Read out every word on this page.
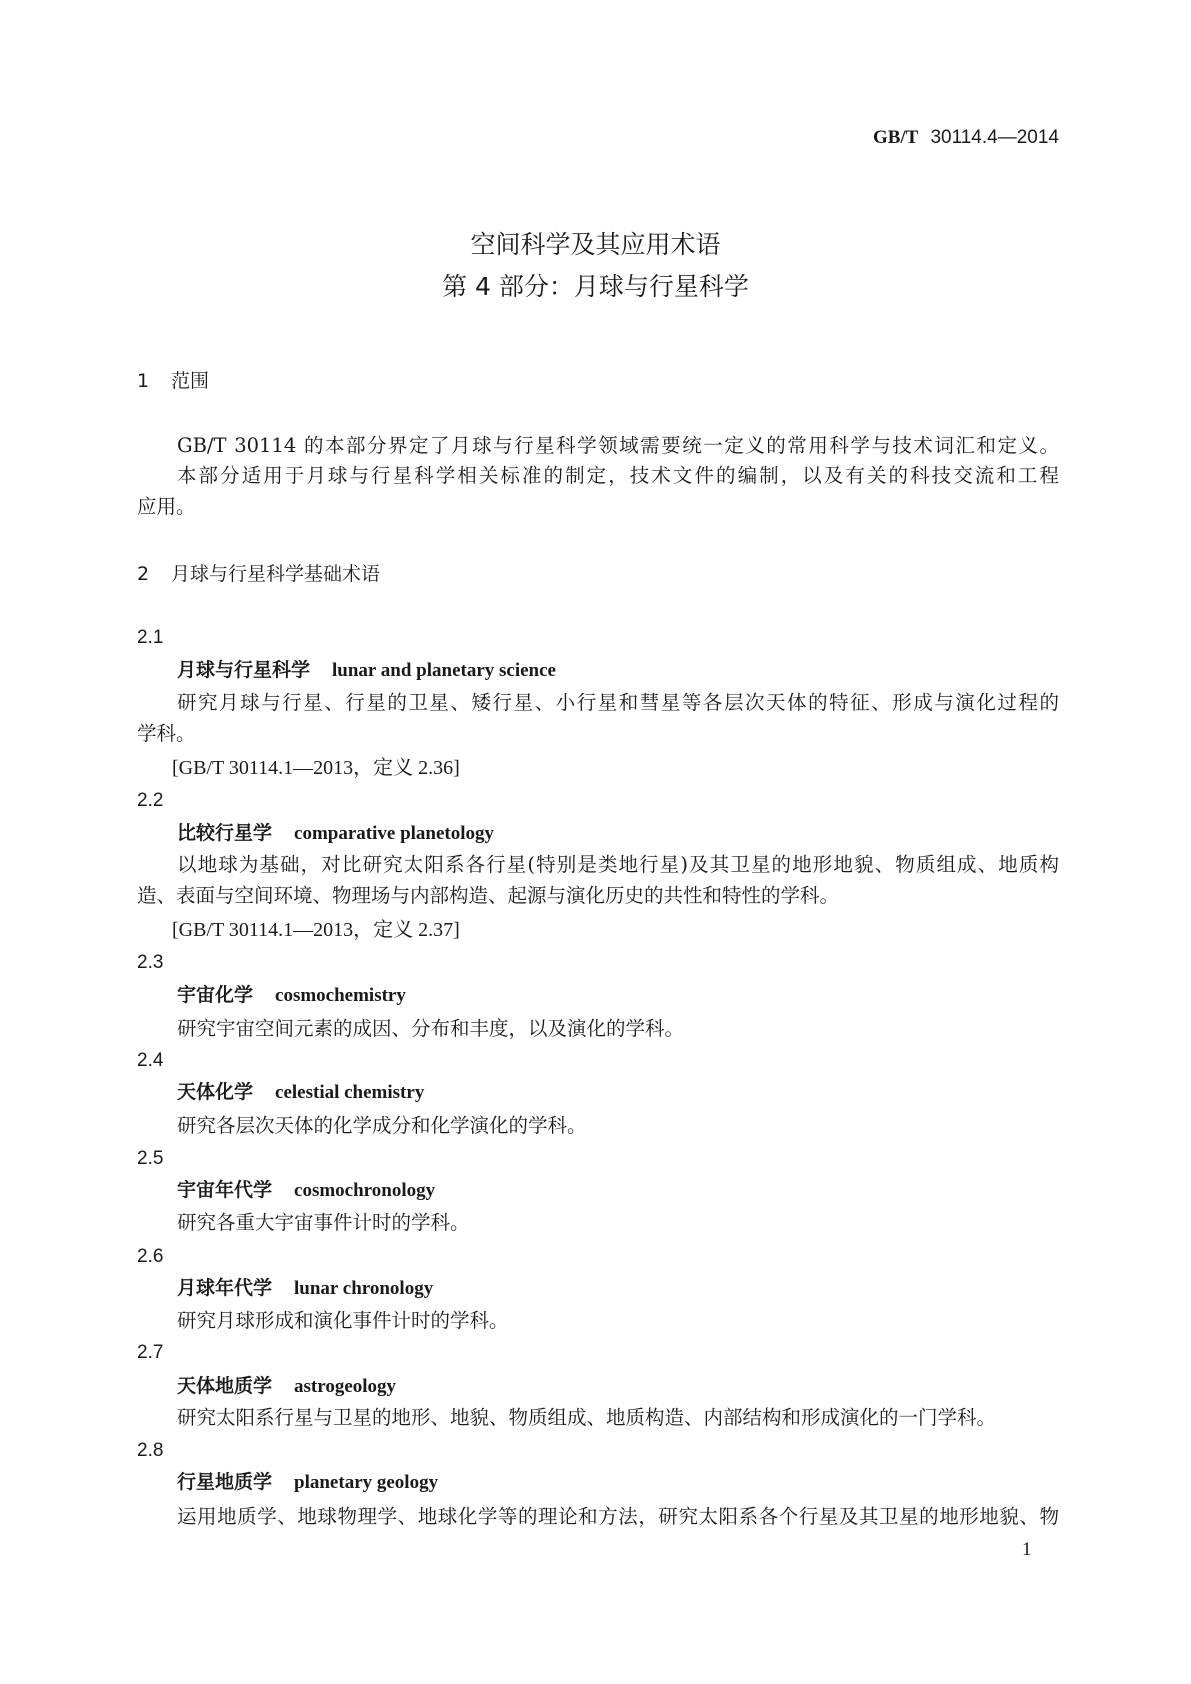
GB/T 30114.4—2014
空间科学及其应用术语
第 4 部分：月球与行星科学
1 范围
GB/T 30114 的本部分界定了月球与行星科学领域需要统一定义的常用科学与技术词汇和定义。
本部分适用于月球与行星科学相关标准的制定，技术文件的编制，以及有关的科技交流和工程
应用。
2 月球与行星科学基础术语
2.1
月球与行星科学 lunar and planetary science
研究月球与行星、行星的卫星、矮行星、小行星和彗星等各层次天体的特征、形成与演化过程的
学科。
[GB/T 30114.1—2013，定义 2.36]
2.2
比较行星学 comparative planetology
以地球为基础，对比研究太阳系各行星(特别是类地行星)及其卫星的地形地貌、物质组成、地质构
造、表面与空间环境、物理场与内部构造、起源与演化历史的共性和特性的学科。
[GB/T 30114.1—2013，定义 2.37]
2.3
宇宙化学 cosmochemistry
研究宇宙空间元素的成因、分布和丰度，以及演化的学科。
2.4
天体化学 celestial chemistry
研究各层次天体的化学成分和化学演化的学科。
2.5
宇宙年代学 cosmochronology
研究各重大宇宙事件计时的学科。
2.6
月球年代学 lunar chronology
研究月球形成和演化事件计时的学科。
2.7
天体地质学 astrogeology
研究太阳系行星与卫星的地形、地貌、物质组成、地质构造、内部结构和形成演化的一门学科。
2.8
行星地质学 planetary geology
运用地质学、地球物理学、地球化学等的理论和方法，研究太阳系各个行星及其卫星的地形地貌、物
1
